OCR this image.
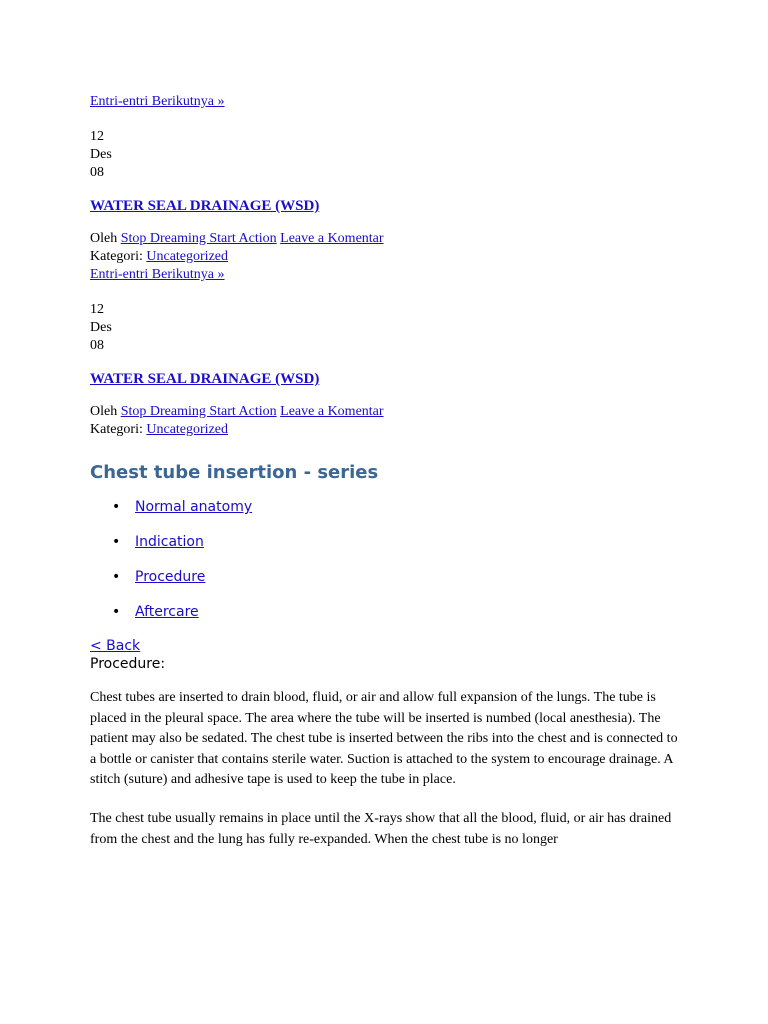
Entri-entri Berikutnya »
12
Des
08
WATER SEAL DRAINAGE (WSD)
Oleh Stop Dreaming Start Action Leave a Komentar
Kategori: Uncategorized
Entri-entri Berikutnya »
12
Des
08
WATER SEAL DRAINAGE (WSD)
Oleh Stop Dreaming Start Action Leave a Komentar
Kategori: Uncategorized
Chest tube insertion - series
• Normal anatomy
• Indication
• Procedure
• Aftercare
< Back
Procedure:
Chest tubes are inserted to drain blood, fluid, or air and allow full expansion of the lungs. The tube is placed in the pleural space. The area where the tube will be inserted is numbed (local anesthesia). The patient may also be sedated. The chest tube is inserted between the ribs into the chest and is connected to a bottle or canister that contains sterile water. Suction is attached to the system to encourage drainage. A stitch (suture) and adhesive tape is used to keep the tube in place.
The chest tube usually remains in place until the X-rays show that all the blood, fluid, or air has drained from the chest and the lung has fully re-expanded. When the chest tube is no longer
